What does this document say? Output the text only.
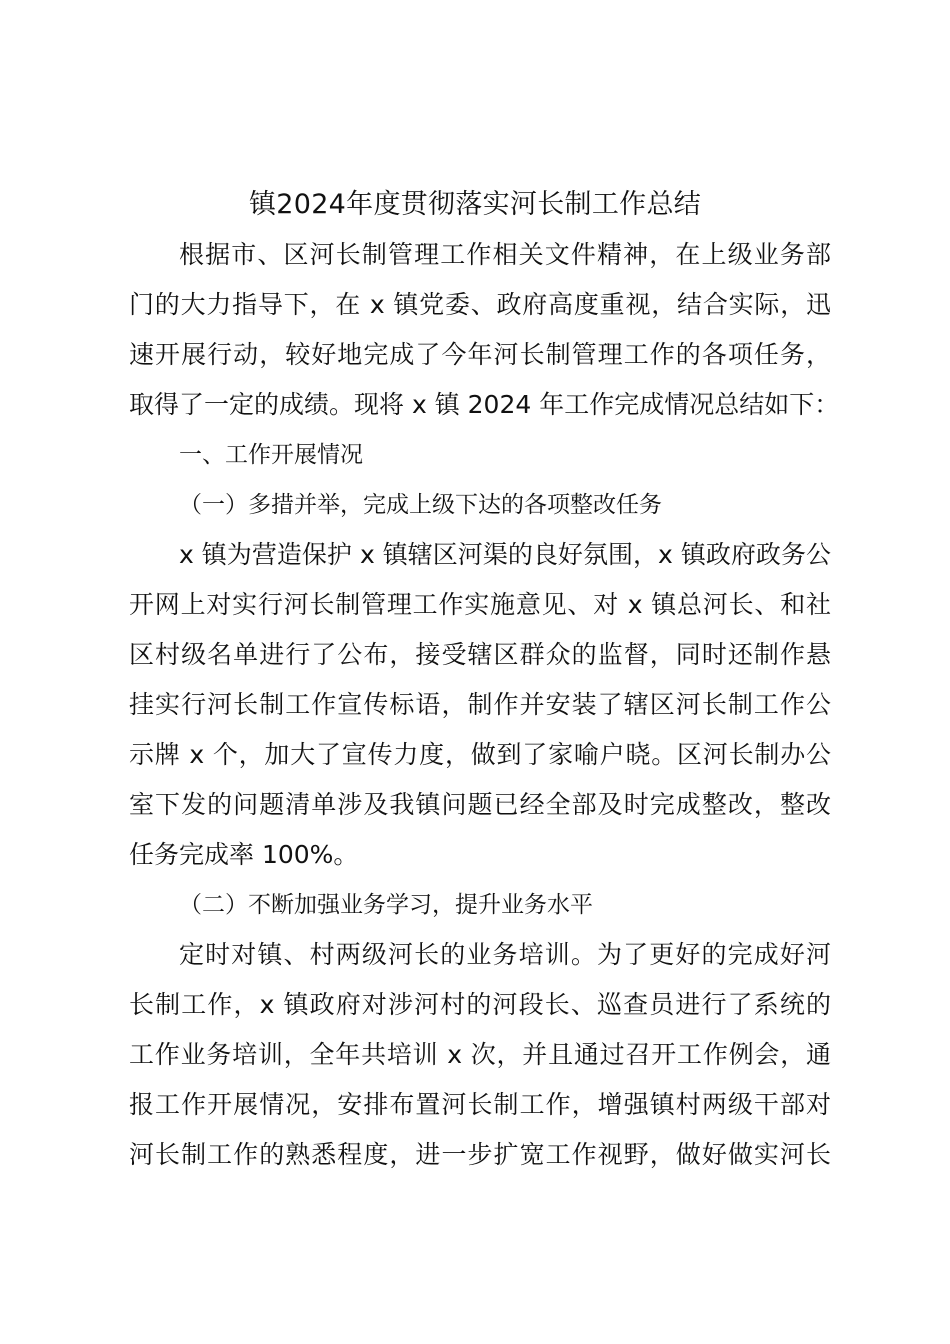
镇2024年度贯彻落实河长制工作总结

根据市、区河长制管理工作相关文件精神，在上级业务部

门的大力指导下，在 x 镇党委、政府高度重视，结合实际，迅

速开展行动，较好地完成了今年河长制管理工作的各项任务，

取得了一定的成绩。现将 x 镇 2024 年工作完成情况总结如下：

一、工作开展情况

（一）多措并举，完成上级下达的各项整改任务

x 镇为营造保护 x 镇辖区河渠的良好氛围，x 镇政府政务公

开网上对实行河长制管理工作实施意见、对 x 镇总河长、和社

区村级名单进行了公布，接受辖区群众的监督，同时还制作悬

挂实行河长制工作宣传标语，制作并安装了辖区河长制工作公

示牌 x 个，加大了宣传力度，做到了家喻户晓。区河长制办公

室下发的问题清单涉及我镇问题已经全部及时完成整改，整改

任务完成率 100%。

（二）不断加强业务学习，提升业务水平

定时对镇、村两级河长的业务培训。为了更好的完成好河

长制工作，x 镇政府对涉河村的河段长、巡查员进行了系统的

工作业务培训，全年共培训 x 次，并且通过召开工作例会，通

报工作开展情况，安排布置河长制工作，增强镇村两级干部对

河长制工作的熟悉程度，进一步扩宽工作视野，做好做实河长
